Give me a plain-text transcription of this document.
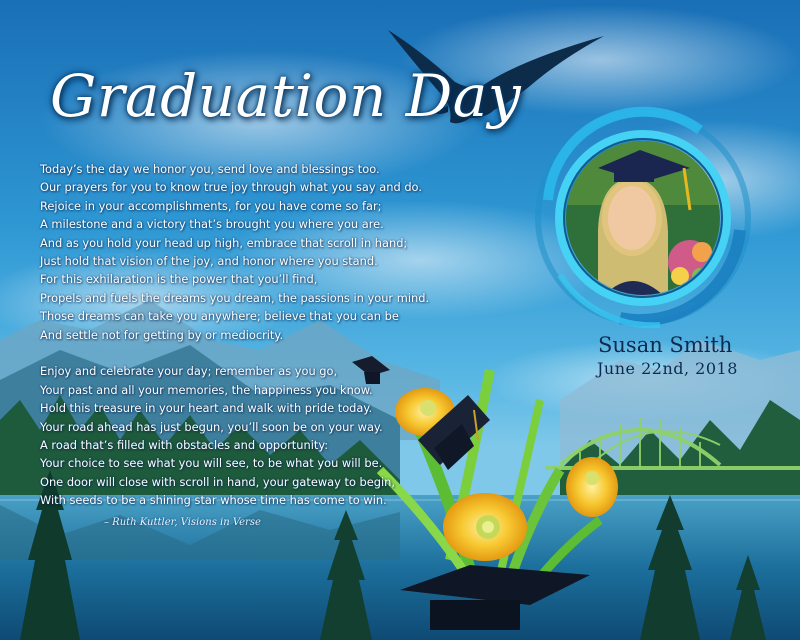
Graduation Day

Today’s the day we honor you, send love and blessings too.
Our prayers for you to know true joy through what you say and do.
Rejoice in your accomplishments, for you have come so far;
A milestone and a victory that’s brought you where you are.
And as you hold your head up high, embrace that scroll in hand;
Just hold that vision of the joy, and honor where you stand.
For this exhilaration is the power that you’ll find,
Propels and fuels the dreams you dream, the passions in your mind.
Those dreams can take you anywhere; believe that you can be
And settle not for getting by or mediocrity.

Enjoy and celebrate your day; remember as you go,
Your past and all your memories, the happiness you know.
Hold this treasure in your heart and walk with pride today.
Your road ahead has just begun, you’ll soon be on your way.
A road that’s filled with obstacles and opportunity:
Your choice to see what you will see, to be what you will be.
One door will close with scroll in hand, your gateway to begin,
With seeds to be a shining star whose time has come to win.

– Ruth Kuttler, Visions in Verse
Susan Smith
June 22nd, 2018
